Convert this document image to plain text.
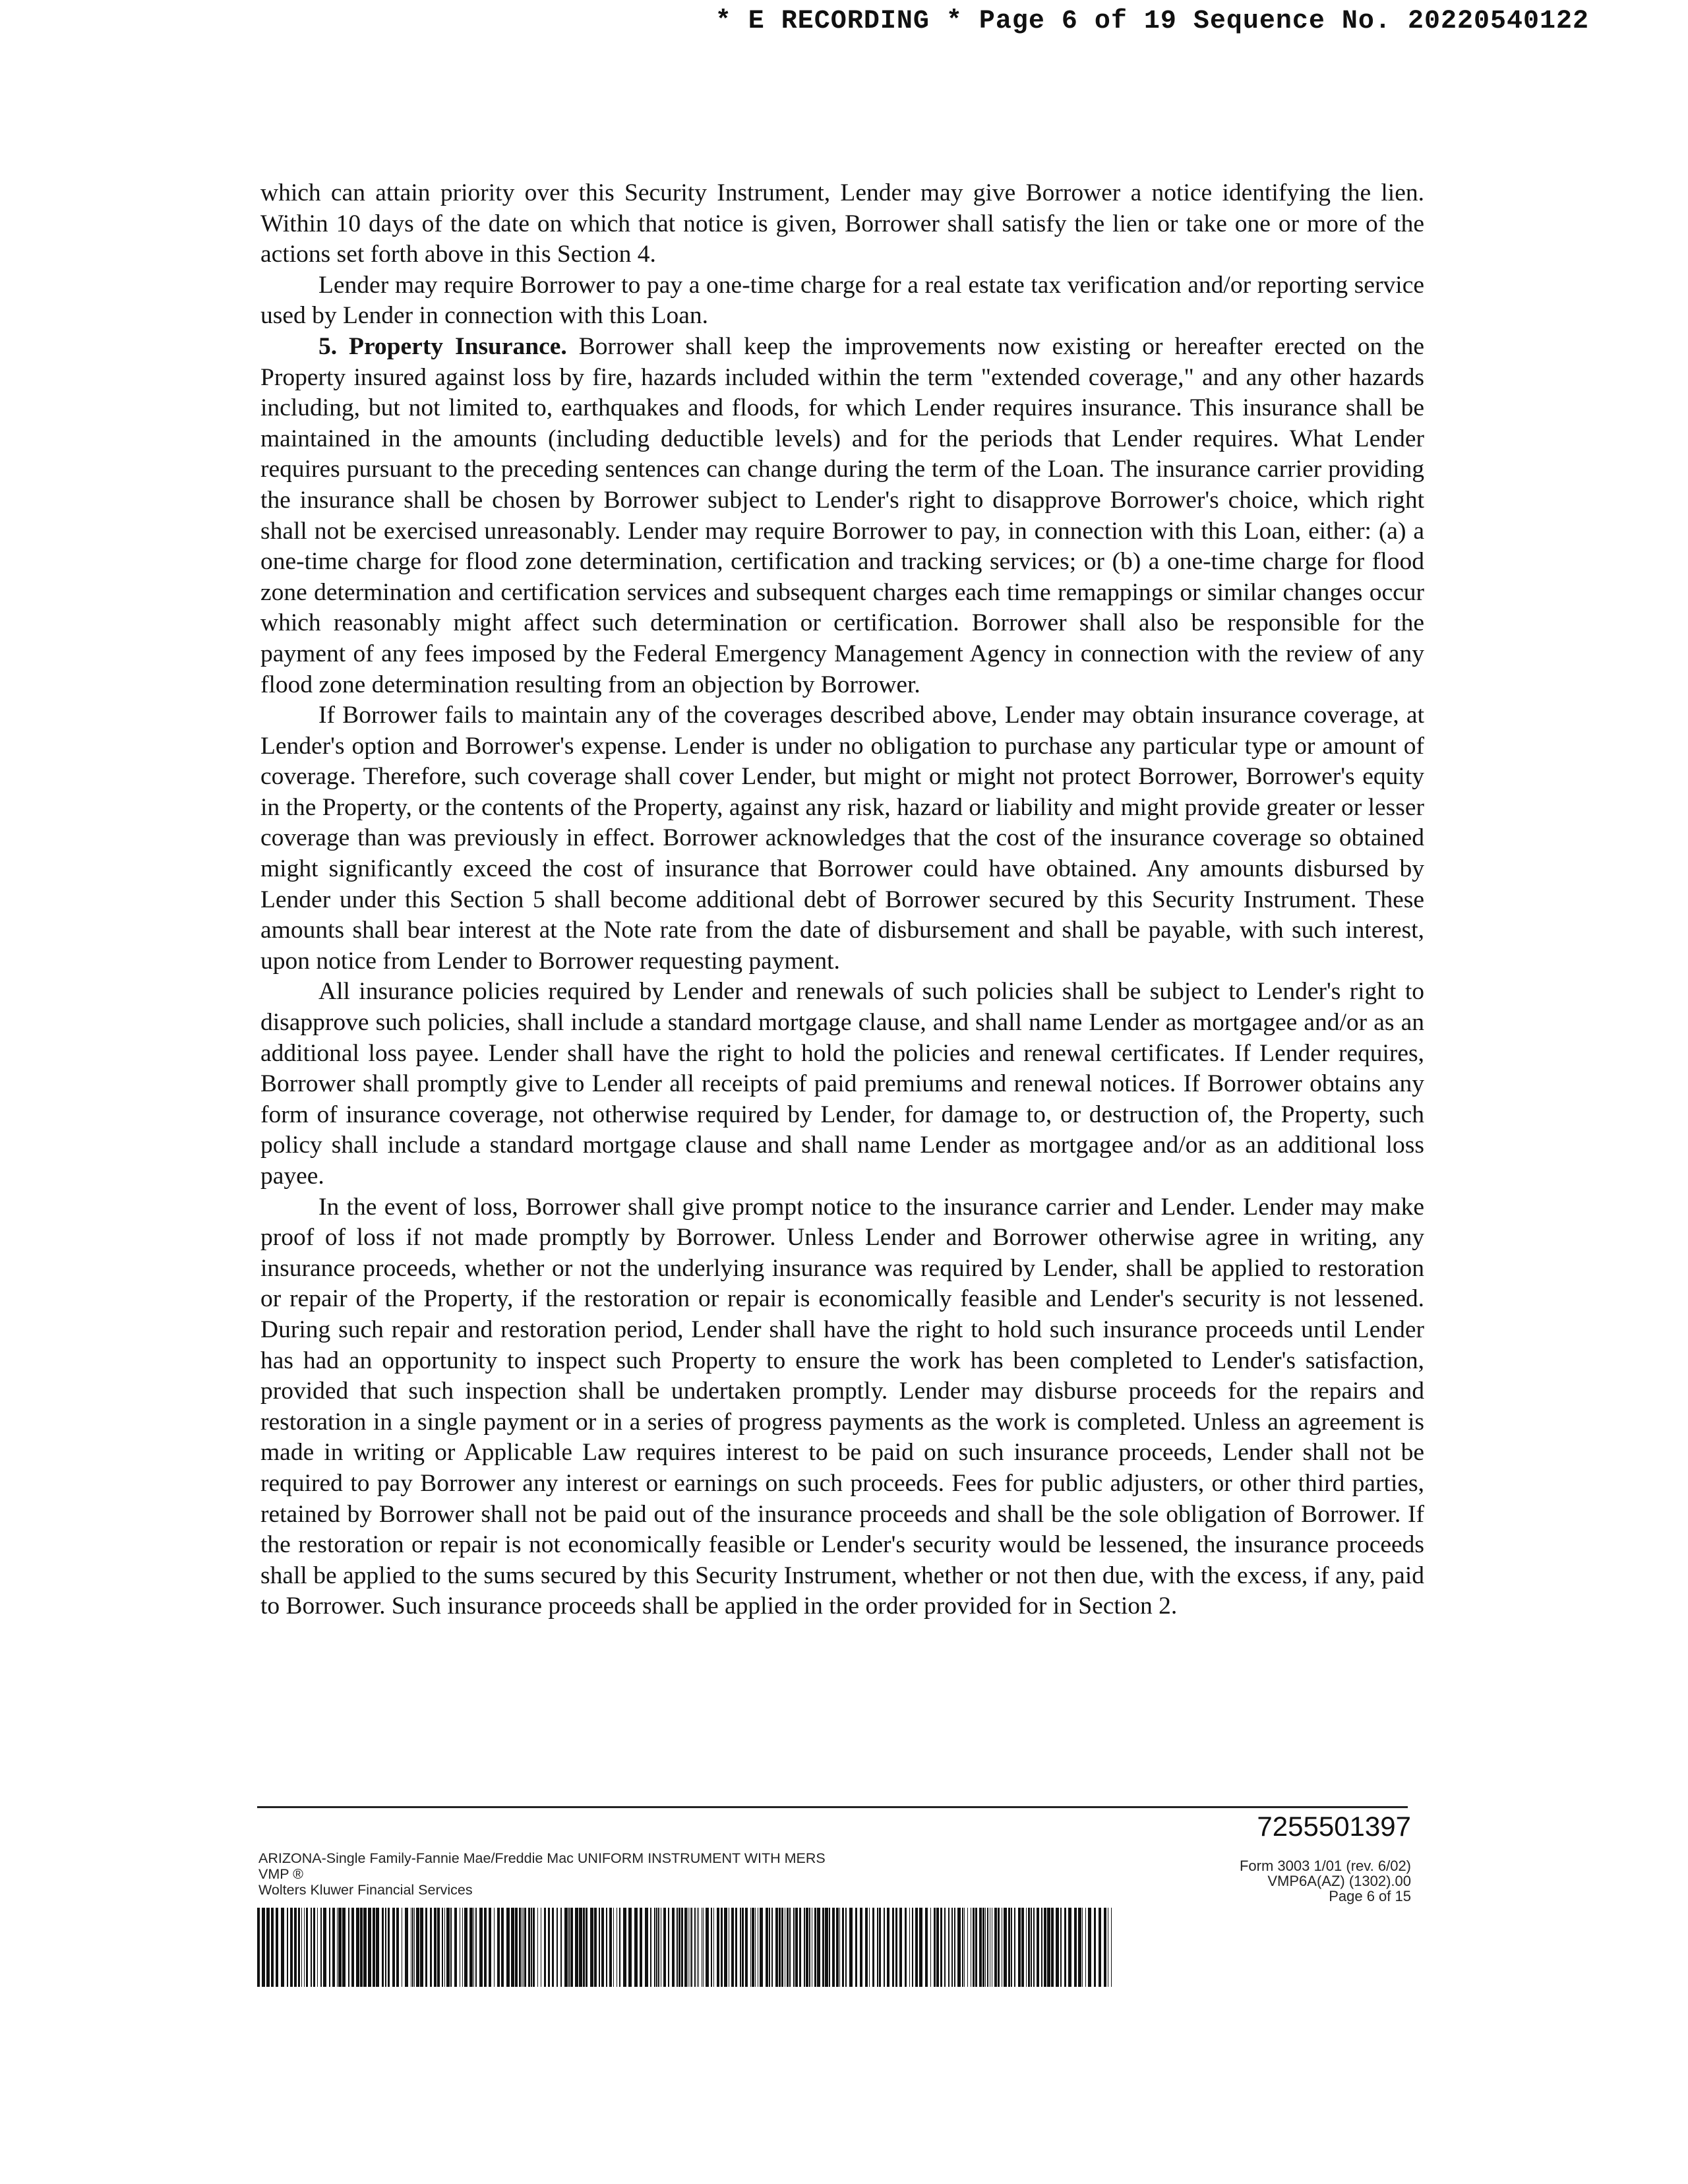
* E RECORDING * Page 6 of 19 Sequence No. 20220540122

which can attain priority over this Security Instrument, Lender may give Borrower a notice identifying the lien. Within 10 days of the date on which that notice is given, Borrower shall satisfy the lien or take one or more of the actions set forth above in this Section 4.

Lender may require Borrower to pay a one-time charge for a real estate tax verification and/or reporting service used by Lender in connection with this Loan.

5. Property Insurance. Borrower shall keep the improvements now existing or hereafter erected on the Property insured against loss by fire, hazards included within the term "extended coverage," and any other hazards including, but not limited to, earthquakes and floods, for which Lender requires insurance. This insurance shall be maintained in the amounts (including deductible levels) and for the periods that Lender requires. What Lender requires pursuant to the preceding sentences can change during the term of the Loan. The insurance carrier providing the insurance shall be chosen by Borrower subject to Lender's right to disapprove Borrower's choice, which right shall not be exercised unreasonably. Lender may require Borrower to pay, in connection with this Loan, either: (a) a one-time charge for flood zone determination, certification and tracking services; or (b) a one-time charge for flood zone determination and certification services and subsequent charges each time remappings or similar changes occur which reasonably might affect such determination or certification. Borrower shall also be responsible for the payment of any fees imposed by the Federal Emergency Management Agency in connection with the review of any flood zone determination resulting from an objection by Borrower.

If Borrower fails to maintain any of the coverages described above, Lender may obtain insurance coverage, at Lender's option and Borrower's expense. Lender is under no obligation to purchase any particular type or amount of coverage. Therefore, such coverage shall cover Lender, but might or might not protect Borrower, Borrower's equity in the Property, or the contents of the Property, against any risk, hazard or liability and might provide greater or lesser coverage than was previously in effect. Borrower acknowledges that the cost of the insurance coverage so obtained might significantly exceed the cost of insurance that Borrower could have obtained. Any amounts disbursed by Lender under this Section 5 shall become additional debt of Borrower secured by this Security Instrument. These amounts shall bear interest at the Note rate from the date of disbursement and shall be payable, with such interest, upon notice from Lender to Borrower requesting payment.

All insurance policies required by Lender and renewals of such policies shall be subject to Lender's right to disapprove such policies, shall include a standard mortgage clause, and shall name Lender as mortgagee and/or as an additional loss payee. Lender shall have the right to hold the policies and renewal certificates. If Lender requires, Borrower shall promptly give to Lender all receipts of paid premiums and renewal notices. If Borrower obtains any form of insurance coverage, not otherwise required by Lender, for damage to, or destruction of, the Property, such policy shall include a standard mortgage clause and shall name Lender as mortgagee and/or as an additional loss payee.

In the event of loss, Borrower shall give prompt notice to the insurance carrier and Lender. Lender may make proof of loss if not made promptly by Borrower. Unless Lender and Borrower otherwise agree in writing, any insurance proceeds, whether or not the underlying insurance was required by Lender, shall be applied to restoration or repair of the Property, if the restoration or repair is economically feasible and Lender's security is not lessened. During such repair and restoration period, Lender shall have the right to hold such insurance proceeds until Lender has had an opportunity to inspect such Property to ensure the work has been completed to Lender's satisfaction, provided that such inspection shall be undertaken promptly. Lender may disburse proceeds for the repairs and restoration in a single payment or in a series of progress payments as the work is completed. Unless an agreement is made in writing or Applicable Law requires interest to be paid on such insurance proceeds, Lender shall not be required to pay Borrower any interest or earnings on such proceeds. Fees for public adjusters, or other third parties, retained by Borrower shall not be paid out of the insurance proceeds and shall be the sole obligation of Borrower. If the restoration or repair is not economically feasible or Lender's security would be lessened, the insurance proceeds shall be applied to the sums secured by this Security Instrument, whether or not then due, with the excess, if any, paid to Borrower. Such insurance proceeds shall be applied in the order provided for in Section 2.

7255501397
ARIZONA-Single Family-Fannie Mae/Freddie Mac UNIFORM INSTRUMENT WITH MERS
VMP ®
Wolters Kluwer Financial Services
Form 3003 1/01 (rev. 6/02)
VMP6A(AZ) (1302).00
Page 6 of 15
